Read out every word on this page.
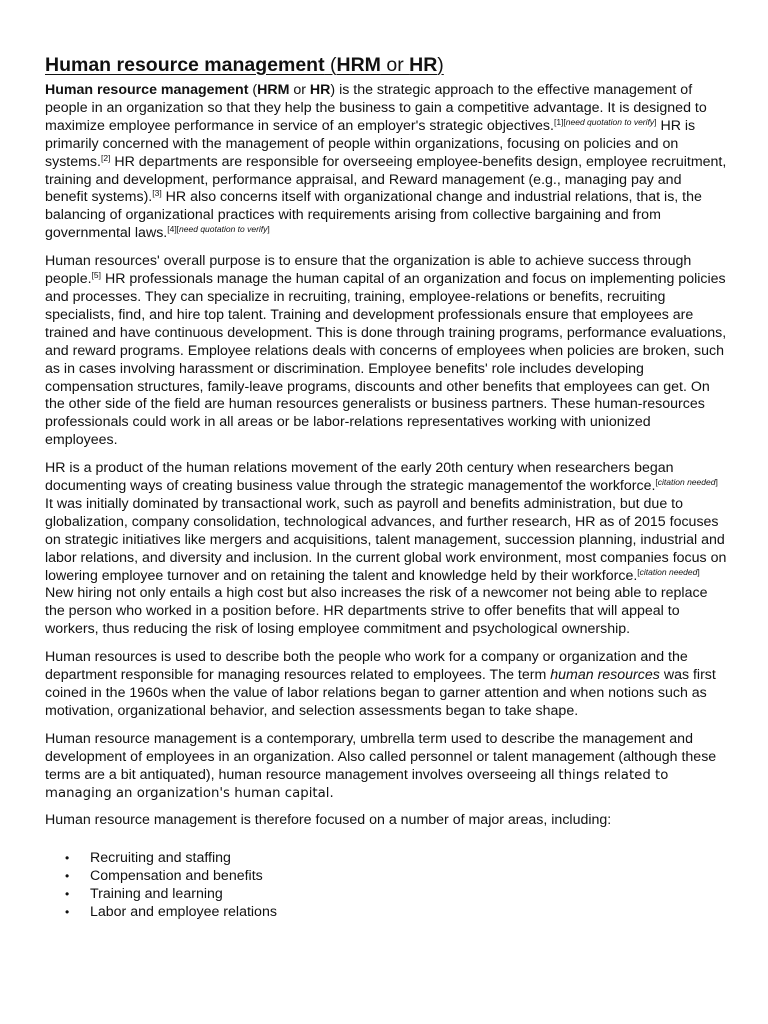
Human resource management (HRM or HR)

Human resource management (HRM or HR) is the strategic approach to the effective management of people in an organization so that they help the business to gain a competitive advantage. It is designed to maximize employee performance in service of an employer's strategic objectives.[1][need quotation to verify] HR is primarily concerned with the management of people within organizations, focusing on policies and on systems.[2] HR departments are responsible for overseeing employee-benefits design, employee recruitment, training and development, performance appraisal, and Reward management (e.g., managing pay and benefit systems).[3] HR also concerns itself with organizational change and industrial relations, that is, the balancing of organizational practices with requirements arising from collective bargaining and from governmental laws.[4][need quotation to verify]

Human resources' overall purpose is to ensure that the organization is able to achieve success through people.[5] HR professionals manage the human capital of an organization and focus on implementing policies and processes. They can specialize in recruiting, training, employee-relations or benefits, recruiting specialists, find, and hire top talent. Training and development professionals ensure that employees are trained and have continuous development. This is done through training programs, performance evaluations, and reward programs. Employee relations deals with concerns of employees when policies are broken, such as in cases involving harassment or discrimination. Employee benefits' role includes developing compensation structures, family-leave programs, discounts and other benefits that employees can get. On the other side of the field are human resources generalists or business partners. These human-resources professionals could work in all areas or be labor-relations representatives working with unionized employees.

HR is a product of the human relations movement of the early 20th century when researchers began documenting ways of creating business value through the strategic managementof the workforce.[citation needed] It was initially dominated by transactional work, such as payroll and benefits administration, but due to globalization, company consolidation, technological advances, and further research, HR as of 2015 focuses on strategic initiatives like mergers and acquisitions, talent management, succession planning, industrial and labor relations, and diversity and inclusion. In the current global work environment, most companies focus on lowering employee turnover and on retaining the talent and knowledge held by their workforce.[citation needed] New hiring not only entails a high cost but also increases the risk of a newcomer not being able to replace the person who worked in a position before. HR departments strive to offer benefits that will appeal to workers, thus reducing the risk of losing employee commitment and psychological ownership.

Human resources is used to describe both the people who work for a company or organization and the department responsible for managing resources related to employees. The term human resources was first coined in the 1960s when the value of labor relations began to garner attention and when notions such as motivation, organizational behavior, and selection assessments began to take shape.

Human resource management is a contemporary, umbrella term used to describe the management and development of employees in an organization. Also called personnel or talent management (although these terms are a bit antiquated), human resource management involves overseeing all things related to managing an organization's human capital.

Human resource management is therefore focused on a number of major areas, including:

• Recruiting and staffing
• Compensation and benefits
• Training and learning
• Labor and employee relations
